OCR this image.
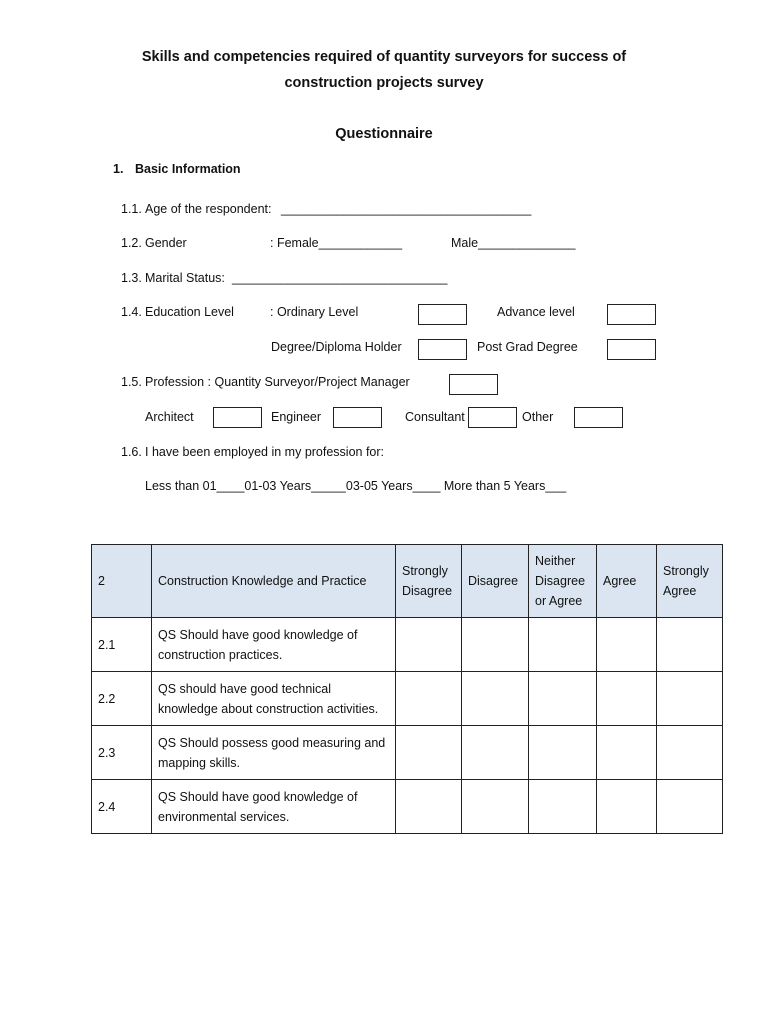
Skills and competencies required of quantity surveyors for success of
construction projects survey
Questionnaire
1. Basic Information
1.1. Age of the respondent: ____________________________________
1.2. Gender	: Female____________	Male______________
1.3. Marital Status: _______________________________
1.4. Education Level	: Ordinary Level	Advance level
Degree/Diploma Holder	Post Grad Degree
1.5. Profession : Quantity Surveyor/Project Manager
Architect	Engineer	Consultant	Other
1.6. I have been employed in my profession for:
Less than 01____01-03 Years_____03-05 Years____ More than 5 Years___
2	Construction Knowledge and Practice	Strongly Disagree	Disagree	Neither Disagree or Agree	Agree	Strongly Agree
2.1	QS Should have good knowledge of
construction practices.					

2.2	QS should have good technical
knowledge about construction activities.					

2.3	QS Should possess good measuring and
mapping skills.					

2.4	QS Should have good knowledge of
environmental services.					
